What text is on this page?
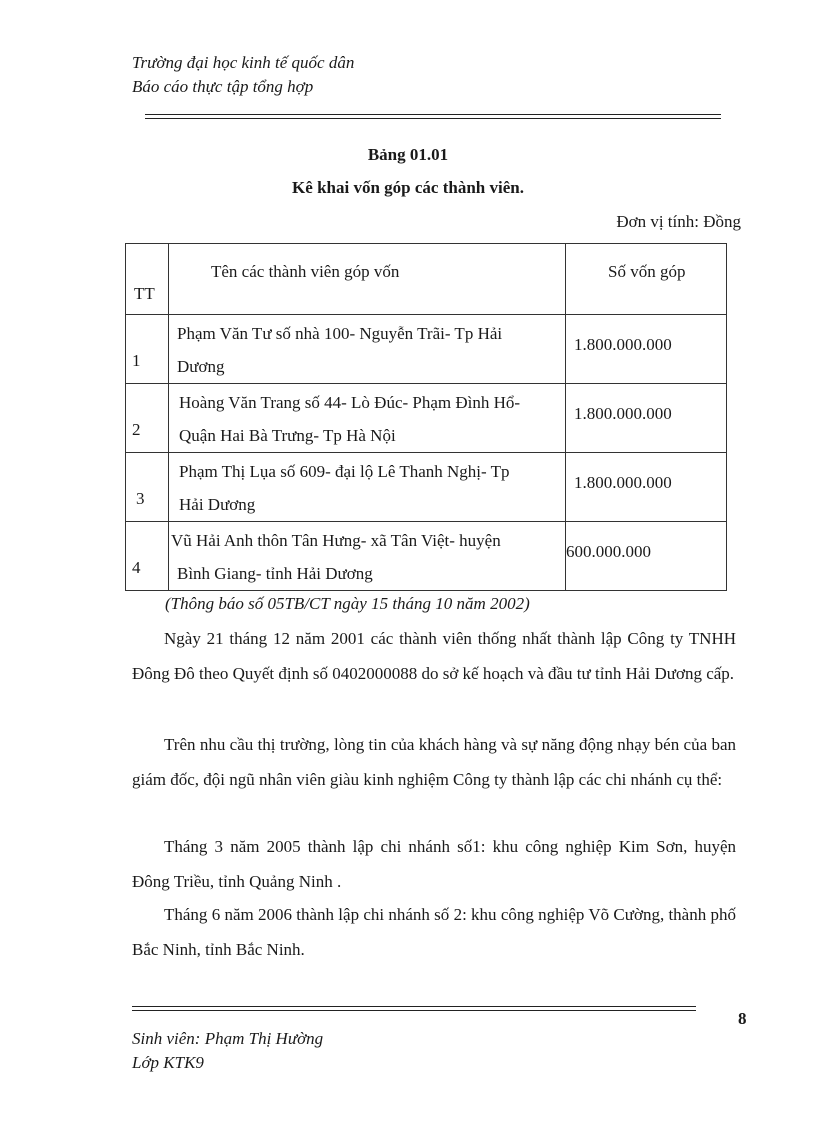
Trường đại học kinh tế quốc dân
Báo cáo thực tập tổng hợp
Bảng 01.01
Kê khai vốn góp các thành viên.
Đơn vị tính: Đồng
TT	Tên các thành viên góp vốn	Số vốn góp

1	Phạm Văn Tư số nhà 100- Nguyễn Trãi- Tp Hải
Dương	1.800.000.000

2	Hoàng Văn Trang số 44- Lò Đúc- Phạm Đình Hổ-
Quận Hai Bà Trưng- Tp Hà Nội	1.800.000.000

3	Phạm Thị Lụa số 609- đại lộ Lê Thanh Nghị- Tp
Hải Dương	1.800.000.000

4	Vũ Hải Anh thôn Tân Hưng- xã Tân Việt- huyện
Bình Giang- tỉnh Hải Dương	600.000.000
(Thông báo số 05TB/CT ngày 15 tháng 10 năm 2002)
Ngày 21 tháng 12 năm 2001 các thành viên thống nhất thành lập Công ty TNHH Đông Đô theo Quyết định số 0402000088 do sở kế hoạch và đầu tư tỉnh Hải Dương cấp.
Trên nhu cầu thị trường, lòng tin của khách hàng và sự năng động nhạy bén của ban giám đốc, đội ngũ nhân viên giàu kinh nghiệm Công ty thành lập các chi nhánh cụ thể:
Tháng 3 năm 2005 thành lập chi nhánh số1: khu công nghiệp Kim Sơn, huyện Đông Triều, tỉnh Quảng Ninh .
Tháng 6 năm 2006 thành lập chi nhánh số 2: khu công nghiệp Võ Cường, thành phố Bắc Ninh, tỉnh Bắc Ninh.
8
Sinh viên: Phạm Thị Hường
Lớp KTK9
